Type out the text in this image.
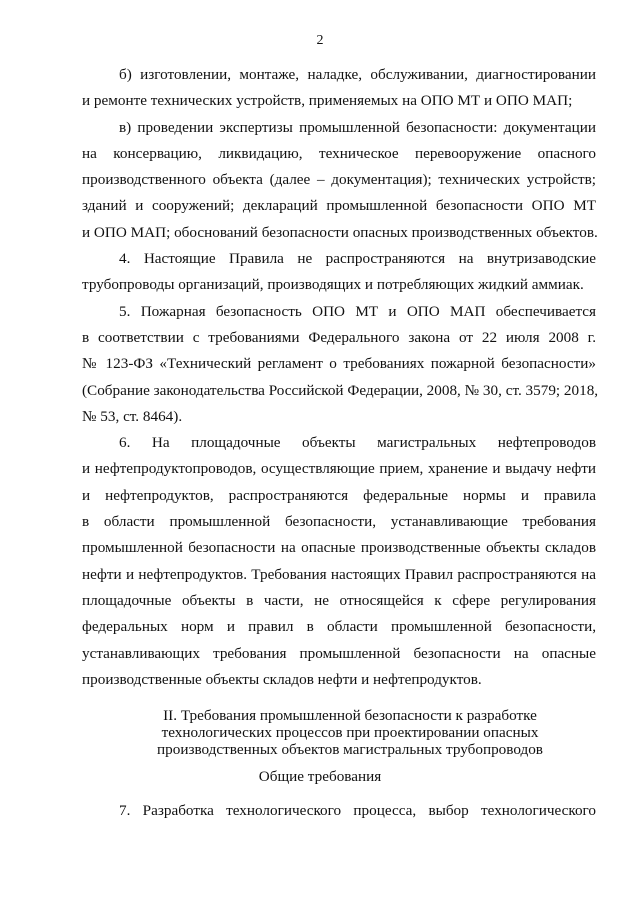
2
б) изготовлении, монтаже, наладке, обслуживании, диагностировании
и ремонте технических устройств, применяемых на ОПО МТ и ОПО МАП;
в) проведении экспертизы промышленной безопасности: документации
на консервацию, ликвидацию, техническое перевооружение опасного
производственного объекта (далее – документация); технических устройств;
зданий и сооружений; деклараций промышленной безопасности ОПО МТ
и ОПО МАП; обоснований безопасности опасных производственных объектов.
4. Настоящие Правила не распространяются на внутризаводские
трубопроводы организаций, производящих и потребляющих жидкий аммиак.
5. Пожарная безопасность ОПО МТ и ОПО МАП обеспечивается
в соответствии с требованиями Федерального закона от 22 июля 2008 г.
№ 123-ФЗ «Технический регламент о требованиях пожарной безопасности»
(Собрание законодательства Российской Федерации, 2008, № 30, ст. 3579; 2018,
№ 53, ст. 8464).
6. На площадочные объекты магистральных нефтепроводов
и нефтепродуктопроводов, осуществляющие прием, хранение и выдачу нефти
и нефтепродуктов, распространяются федеральные нормы и правила
в области промышленной безопасности, устанавливающие требования
промышленной безопасности на опасные производственные объекты складов
нефти и нефтепродуктов. Требования настоящих Правил распространяются на
площадочные объекты в части, не относящейся к сфере регулирования
федеральных норм и правил в области промышленной безопасности,
устанавливающих требования промышленной безопасности на опасные
производственные объекты складов нефти и нефтепродуктов.
II. Требования промышленной безопасности к разработке
технологических процессов при проектировании опасных
производственных объектов магистральных трубопроводов
Общие требования
7. Разработка технологического процесса, выбор технологического
